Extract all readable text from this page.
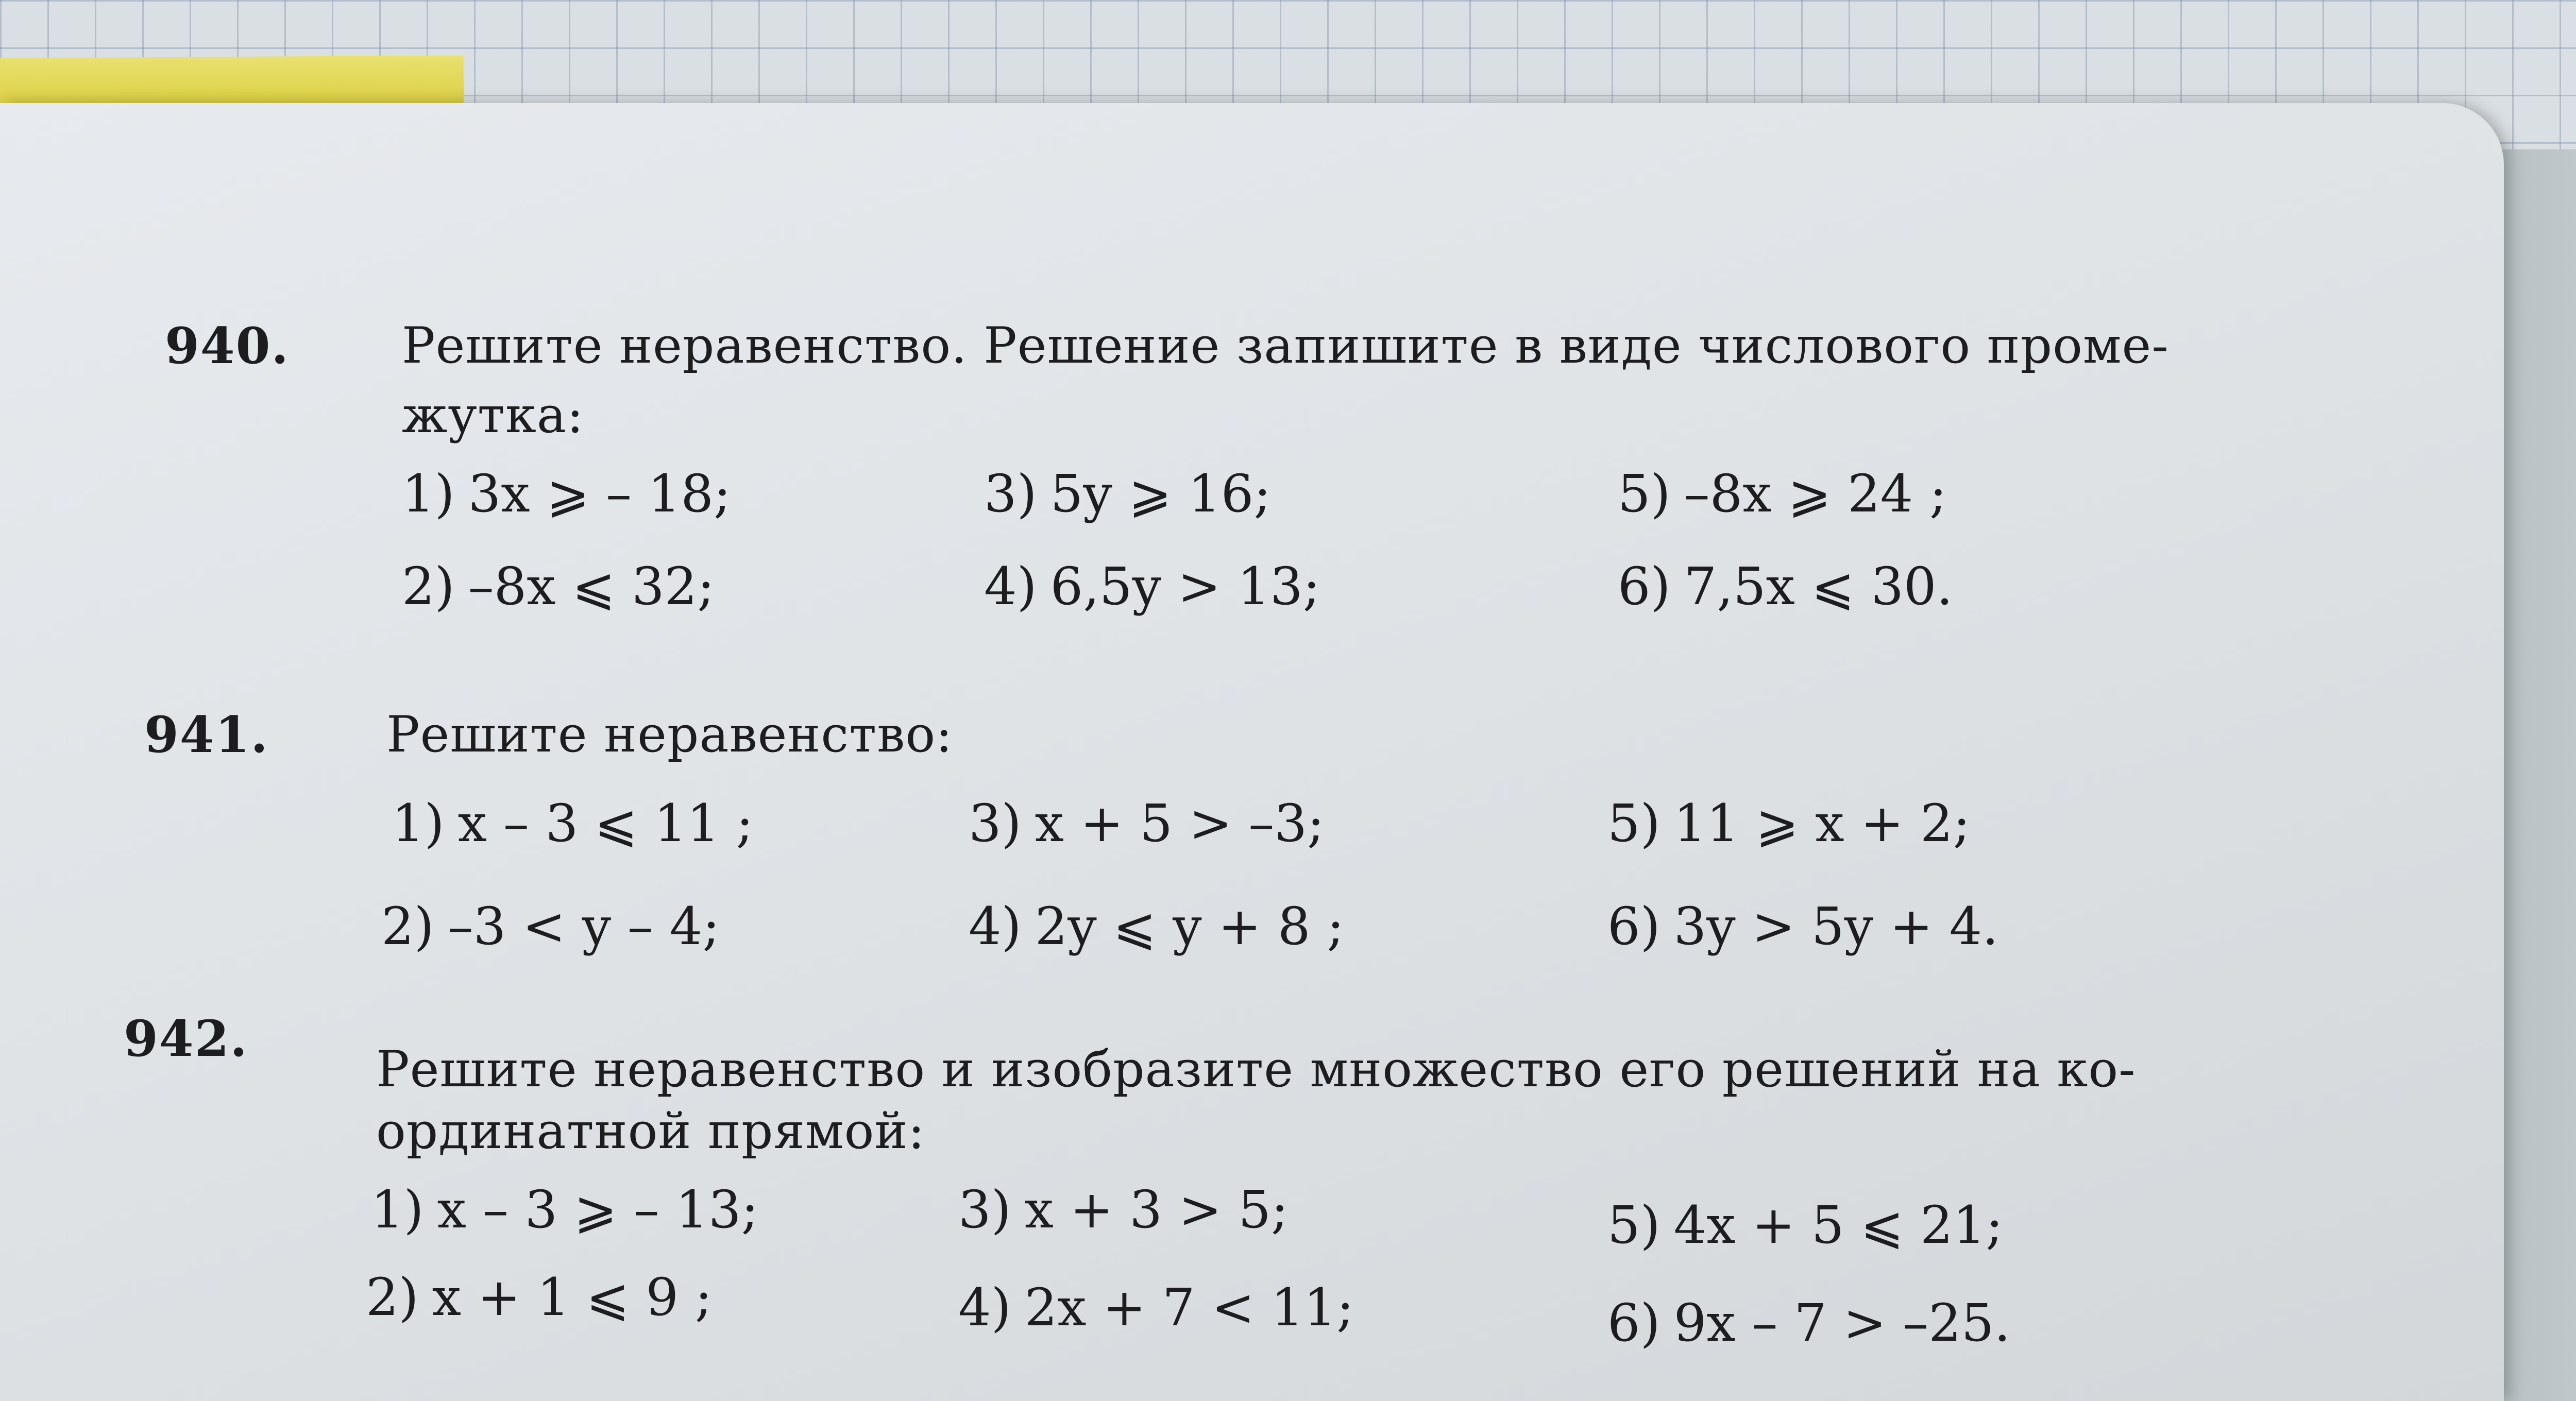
940. Решите неравенство. Решение запишите в виде числового проме-
жутка:
1) 3x ⩾ – 18;	3) 5y ⩾ 16;	5) –8x ⩾ 24 ;
2) –8x ⩽ 32;	4) 6,5y > 13;	6) 7,5x ⩽ 30.
941. Решите неравенство:
1) x – 3 ⩽ 11 ;	3) x + 5 > –3;	5) 11 ⩾ x + 2;
2) –3 < y – 4;	4) 2y ⩽ y + 8 ;	6) 3y > 5y + 4.
942.
Решите неравенство и изобразите множество его решений на ко-
ординатной прямой:
1) x – 3 ⩾ – 13;	3) x + 3 > 5;	5) 4x + 5 ⩽ 21;
2) x + 1 ⩽ 9 ;	4) 2x + 7 < 11;	6) 9x – 7 > –25.
